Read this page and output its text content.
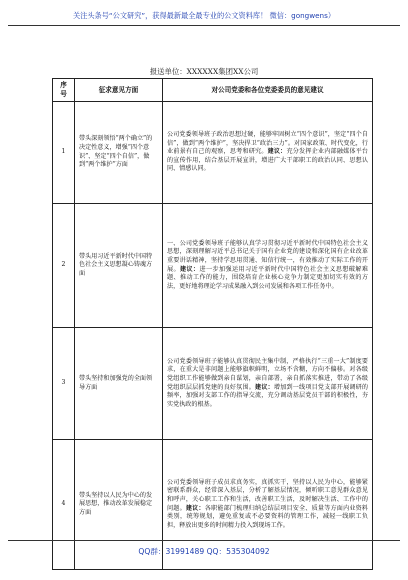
关注头条号“公文研究”，获得最新最全最专业的公文资料库！ 微信：gongwens）
报送单位：XXXXXX集团XX公司
序号	征求意见方面	对公司党委和各位党委委员的意见建议
1	带头深刻领悟“两个确立”的决定性意义，增强“四个意识”、坚定“四个自信”，做到“两个维护”方面	公司党委领导班子政治思想过硬，能够牢固树立“四个意识”，坚定“四个自信”，做到“两个维护”，坚决捍卫“政治三力”。对国家政策、时代变化，行业前景有自己的观察，思考和研究。建议：充分发挥企业内部融媒体平台的宣传作用，结合基层开展宣讲，增进广大干部职工的政治认同、思想认同、情感认同。
2	带头用习近平新时代中国特色社会主义思想凝心铸魂方面	一、公司党委领导班子能够认真学习贯彻习近平新时代中国特色社会主义思想，深刻理解习近平总书记关于国有企业党的建设和深化国有企业改革重要讲话精神，坚持学思用贯通、知信行统一，有效推动了实际工作的开展。建议：进一步加强运用习近平新时代中国特色社会主义思想破解难题、推动工作的能力，围绕培育企业核心竞争力制定更加切实有效的方法，更好地将理论学习成果融入到公司发展和各项工作任务中。
3	带头坚持和加强党的全面领导方面	公司党委领导班子能够认真贯彻民主集中制，严格执行“三重一大”制度要求，在重大是非问题上能够旗帜鲜明，立场不含糊，方向不偏移。对各级党组织工作能够做到亲自谋划，亲自部署，亲自抓落实推进，带动了各级党组织层层抓党建的良好氛围。建议：增加到一线项目党支部开展调研的频率，加强对支部工作的指导交流，充分调动基层党员干部的积极性，夯实党执政的根基。
4	带头坚持以人民为中心的发展思想，推动改革发展稳定方面	公司党委领导班子成员求真务实，真抓实干，坚持以人民为中心，能够紧密联系群众，经常深入基层，分析了解基层情况，倾听职工意见群众意见和呼声，关心职工工作和生活，改善职工生活，及时解决生活、工作中的问题。建议：各职能部门梳理归纳总结层项目安全、质量等方面内业资料类别，统筹规划，避免重复或不必要资料的管理工作，减轻一线职工负担，释放出更多的时间精力投入到现场工作。
QQ群：31991489 QQ：535304092
